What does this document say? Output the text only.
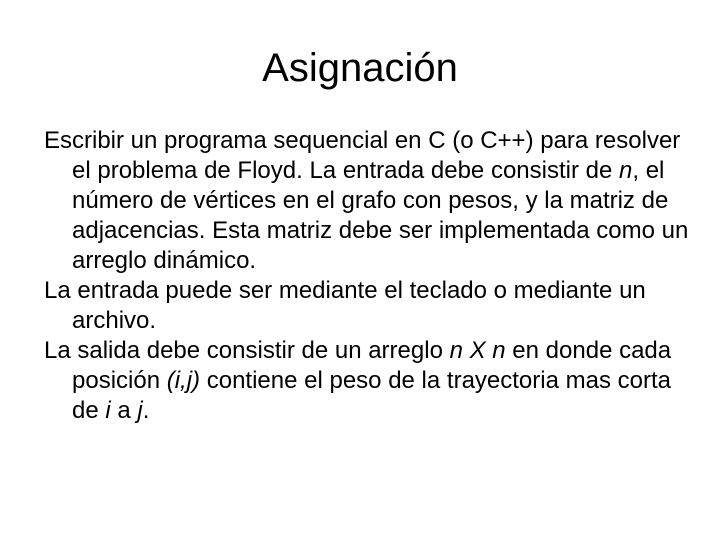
Asignación

Escribir un programa sequencial en C (o C++) para resolver el problema de Floyd. La entrada debe consistir de n, el número de vértices en el grafo con pesos, y la matriz de adjacencias. Esta matriz debe ser implementada como un arreglo dinámico.

La entrada puede ser mediante el teclado o mediante un archivo.

La salida debe consistir de un arreglo n X n en donde cada posición (i,j) contiene el peso de la trayectoria mas corta de i a j.
